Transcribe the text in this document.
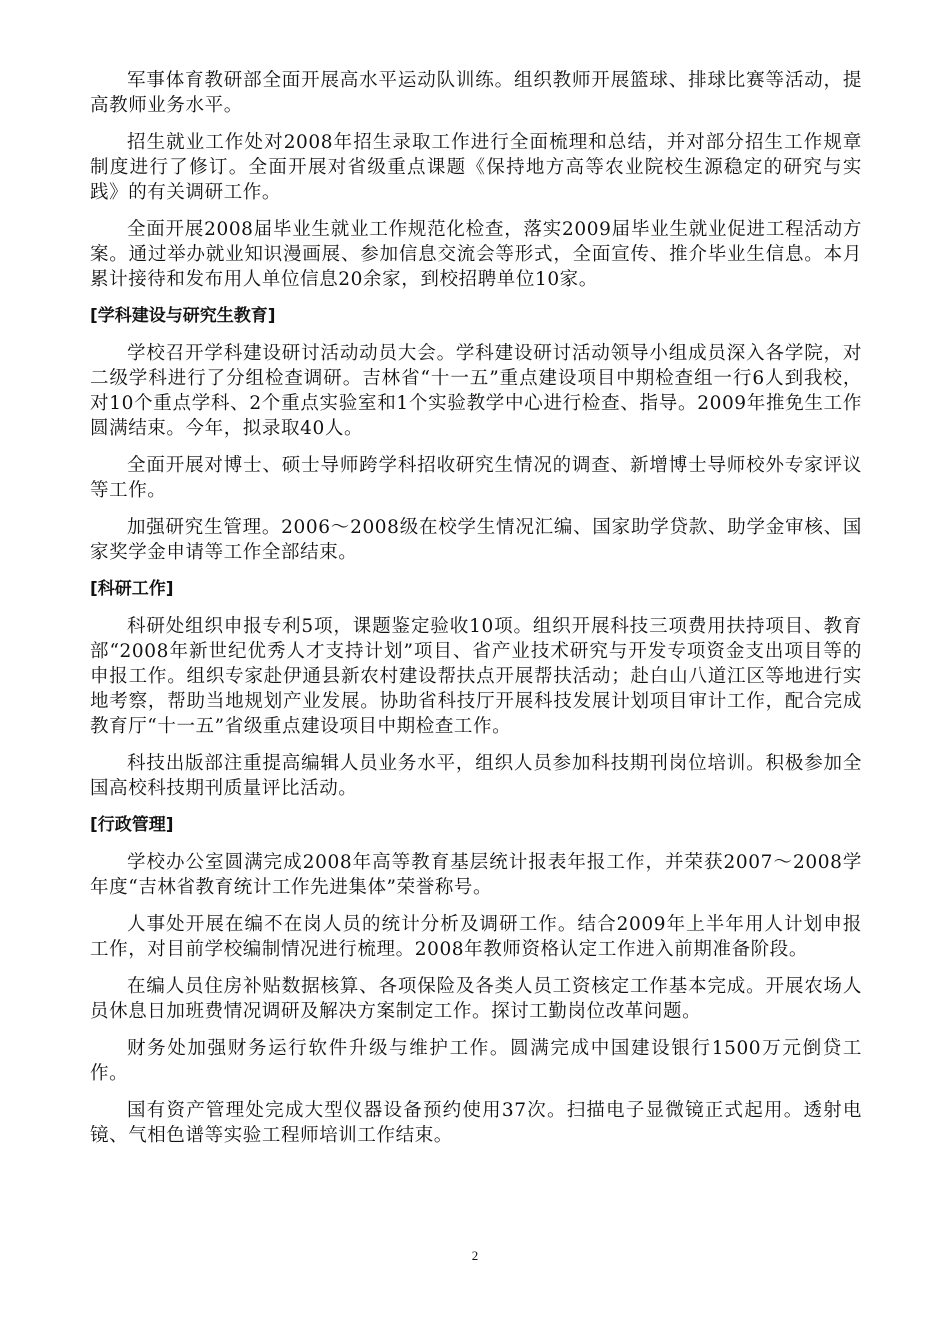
军事体育教研部全面开展高水平运动队训练。组织教师开展篮球、排球比赛等活动，提高教师业务水平。

招生就业工作处对2008年招生录取工作进行全面梳理和总结，并对部分招生工作规章制度进行了修订。全面开展对省级重点课题《保持地方高等农业院校生源稳定的研究与实践》的有关调研工作。

全面开展2008届毕业生就业工作规范化检查，落实2009届毕业生就业促进工程活动方案。通过举办就业知识漫画展、参加信息交流会等形式，全面宣传、推介毕业生信息。本月累计接待和发布用人单位信息20余家，到校招聘单位10家。

[学科建设与研究生教育]

学校召开学科建设研讨活动动员大会。学科建设研讨活动领导小组成员深入各学院，对二级学科进行了分组检查调研。吉林省“十一五”重点建设项目中期检查组一行6人到我校，对10个重点学科、2个重点实验室和1个实验教学中心进行检查、指导。2009年推免生工作圆满结束。今年，拟录取40人。

全面开展对博士、硕士导师跨学科招收研究生情况的调查、新增博士导师校外专家评议等工作。

加强研究生管理。2006～2008级在校学生情况汇编、国家助学贷款、助学金审核、国家奖学金申请等工作全部结束。

[科研工作]

科研处组织申报专利5项，课题鉴定验收10项。组织开展科技三项费用扶持项目、教育部“2008年新世纪优秀人才支持计划”项目、省产业技术研究与开发专项资金支出项目等的申报工作。组织专家赴伊通县新农村建设帮扶点开展帮扶活动；赴白山八道江区等地进行实地考察，帮助当地规划产业发展。协助省科技厅开展科技发展计划项目审计工作，配合完成教育厅“十一五”省级重点建设项目中期检查工作。

科技出版部注重提高编辑人员业务水平，组织人员参加科技期刊岗位培训。积极参加全国高校科技期刊质量评比活动。

[行政管理]

学校办公室圆满完成2008年高等教育基层统计报表年报工作，并荣获2007～2008学年度“吉林省教育统计工作先进集体”荣誉称号。

人事处开展在编不在岗人员的统计分析及调研工作。结合2009年上半年用人计划申报工作，对目前学校编制情况进行梳理。2008年教师资格认定工作进入前期准备阶段。

在编人员住房补贴数据核算、各项保险及各类人员工资核定工作基本完成。开展农场人员休息日加班费情况调研及解决方案制定工作。探讨工勤岗位改革问题。

财务处加强财务运行软件升级与维护工作。圆满完成中国建设银行1500万元倒贷工作。

国有资产管理处完成大型仪器设备预约使用37次。扫描电子显微镜正式起用。透射电镜、气相色谱等实验工程师培训工作结束。

2
